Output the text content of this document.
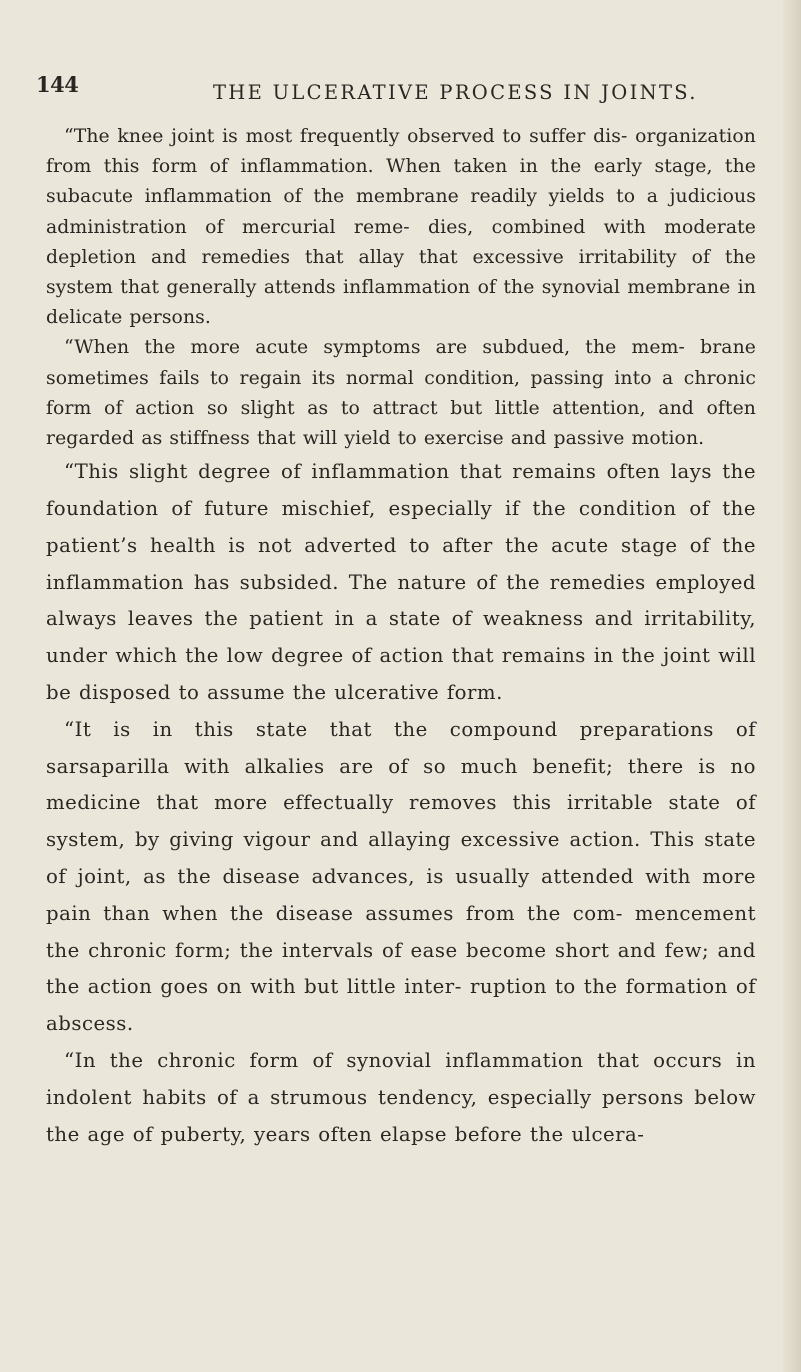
144	THE ULCERATIVE PROCESS IN JOINTS.

“The knee joint is most frequently observed to suffer dis- organization from this form of inflammation. When taken in the early stage, the subacute inflammation of the membrane readily yields to a judicious administration of mercurial reme- dies, combined with moderate depletion and remedies that allay that excessive irritability of the system that generally attends inflammation of the synovial membrane in delicate persons.

“When the more acute symptoms are subdued, the mem- brane sometimes fails to regain its normal condition, passing into a chronic form of action so slight as to attract but little attention, and often regarded as stiffness that will yield to exercise and passive motion.

“This slight degree of inflammation that remains often lays the foundation of future mischief, especially if the condition of the patient’s health is not adverted to after the acute stage of the inflammation has subsided. The nature of the remedies employed always leaves the patient in a state of weakness and irritability, under which the low degree of action that remains in the joint will be disposed to assume the ulcerative form.

“It is in this state that the compound preparations of sarsaparilla with alkalies are of so much benefit; there is no medicine that more effectually removes this irritable state of system, by giving vigour and allaying excessive action. This state of joint, as the disease advances, is usually attended with more pain than when the disease assumes from the com- mencement the chronic form; the intervals of ease become short and few; and the action goes on with but little inter- ruption to the formation of abscess.

“In the chronic form of synovial inflammation that occurs in indolent habits of a strumous tendency, especially persons below the age of puberty, years often elapse before the ulcera-
